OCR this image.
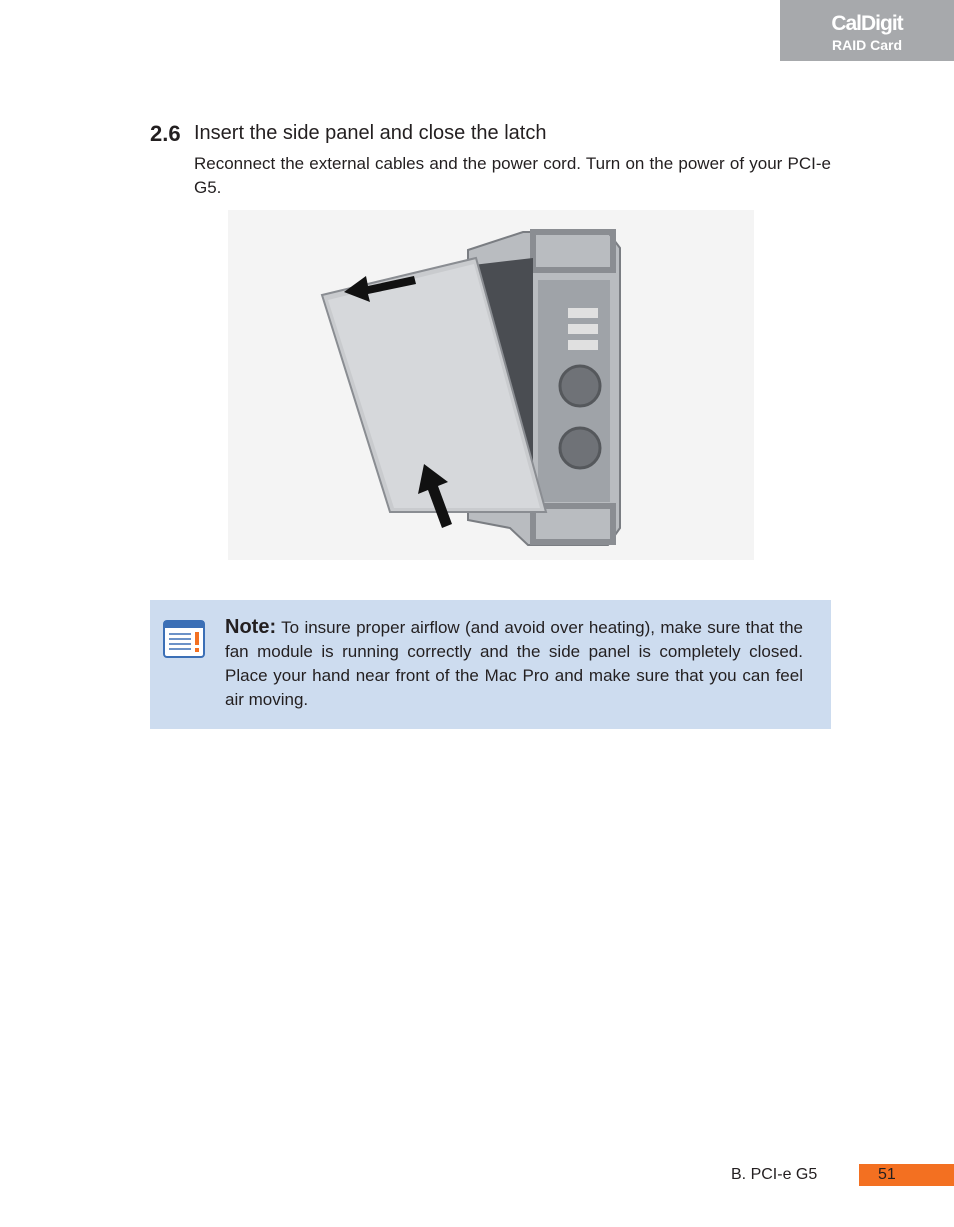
CalDigit
RAID Card
2.6 Insert the side panel and close the latch
Reconnect the external cables and the power cord. Turn on the power of your PCI-e G5.
Note: To insure proper airflow (and avoid over heating), make sure that the fan module is running correctly and the side panel is completely closed. Place your hand near front of the Mac Pro and make sure that you can feel air moving.
B. PCI-e G5	51
